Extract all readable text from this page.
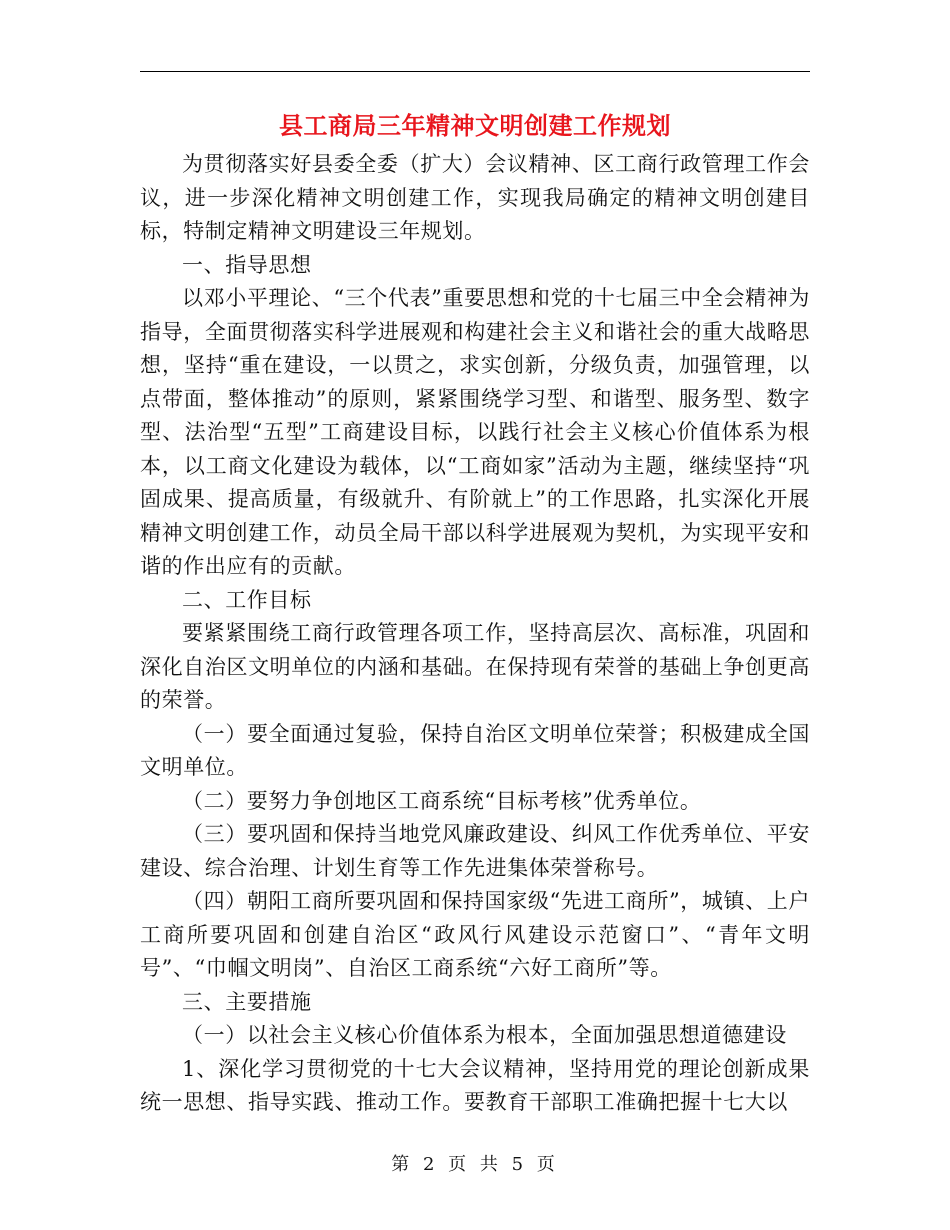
县工商局三年精神文明创建工作规划

为贯彻落实好县委全委（扩大）会议精神、区工商行政管理工作会议，进一步深化精神文明创建工作，实现我局确定的精神文明创建目标，特制定精神文明建设三年规划。

一、指导思想

以邓小平理论、“三个代表”重要思想和党的十七届三中全会精神为指导，全面贯彻落实科学进展观和构建社会主义和谐社会的重大战略思想，坚持“重在建设，一以贯之，求实创新，分级负责，加强管理，以点带面，整体推动”的原则，紧紧围绕学习型、和谐型、服务型、数字型、法治型“五型”工商建设目标，以践行社会主义核心价值体系为根本，以工商文化建设为载体，以“工商如家”活动为主题，继续坚持“巩固成果、提高质量，有级就升、有阶就上”的工作思路，扎实深化开展精神文明创建工作，动员全局干部以科学进展观为契机，为实现平安和谐的作出应有的贡献。

二、工作目标

要紧紧围绕工商行政管理各项工作，坚持高层次、高标准，巩固和深化自治区文明单位的内涵和基础。在保持现有荣誉的基础上争创更高的荣誉。

（一）要全面通过复验，保持自治区文明单位荣誉；积极建成全国文明单位。

（二）要努力争创地区工商系统“目标考核”优秀单位。

（三）要巩固和保持当地党风廉政建设、纠风工作优秀单位、平安建设、综合治理、计划生育等工作先进集体荣誉称号。

（四）朝阳工商所要巩固和保持国家级“先进工商所”，城镇、上户工商所要巩固和创建自治区“政风行风建设示范窗口”、“青年文明号”、“巾帼文明岗”、自治区工商系统“六好工商所”等。

三、主要措施

（一）以社会主义核心价值体系为根本，全面加强思想道德建设

1、深化学习贯彻党的十七大会议精神，坚持用党的理论创新成果统一思想、指导实践、推动工作。要教育干部职工准确把握十七大以

第 2 页 共 5 页
